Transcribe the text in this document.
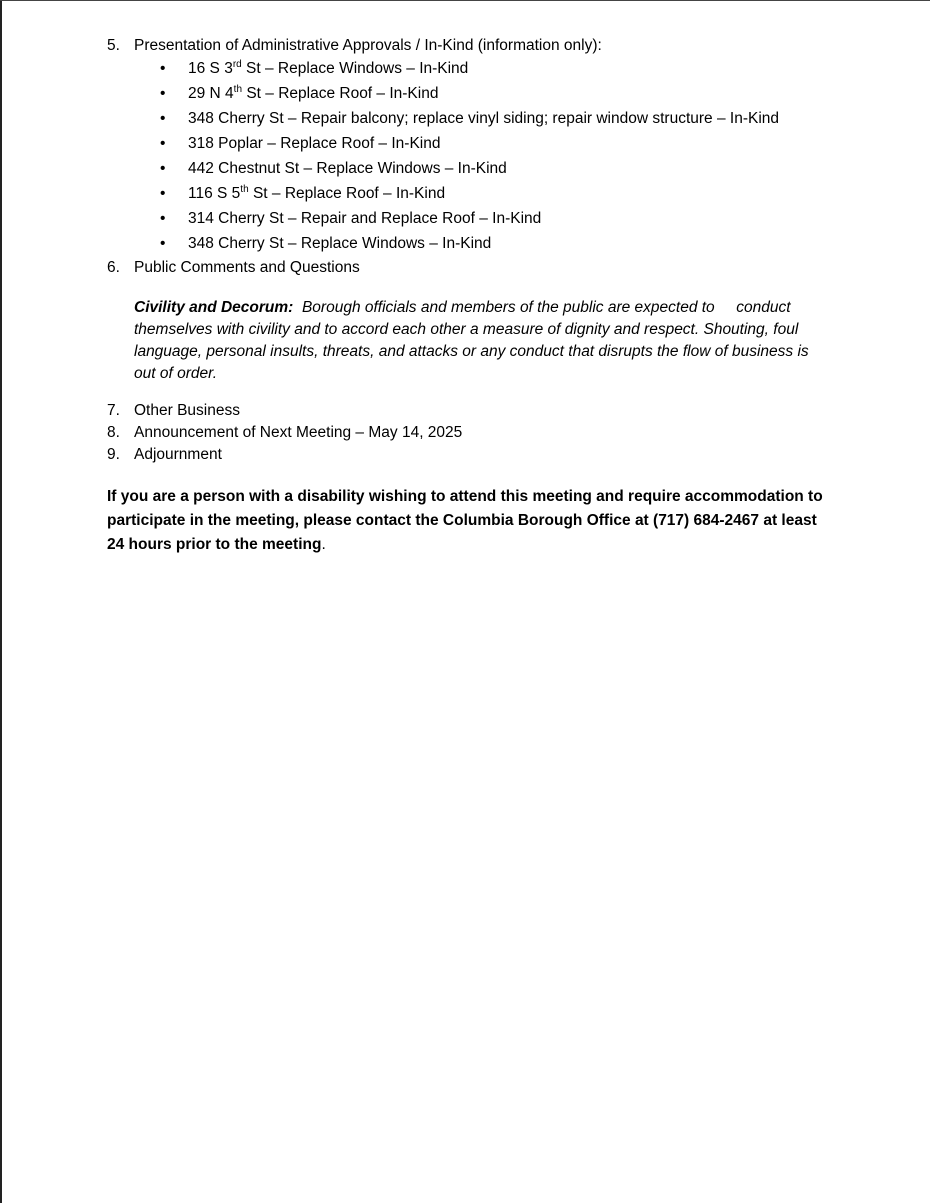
5. Presentation of Administrative Approvals / In-Kind (information only):
• 16 S 3rd St – Replace Windows – In-Kind
• 29 N 4th St – Replace Roof – In-Kind
• 348 Cherry St – Repair balcony; replace vinyl siding; repair window structure – In-Kind
• 318 Poplar – Replace Roof – In-Kind
• 442 Chestnut St – Replace Windows – In-Kind
• 116 S 5th St – Replace Roof – In-Kind
• 314 Cherry St – Repair and Replace Roof – In-Kind
• 348 Cherry St – Replace Windows – In-Kind
6. Public Comments and Questions
Civility and Decorum: Borough officials and members of the public are expected to     conduct
themselves with civility and to accord each other a measure of dignity and respect. Shouting, foul
language, personal insults, threats, and attacks or any conduct that disrupts the flow of business is
out of order.
7. Other Business
8. Announcement of Next Meeting – May 14, 2025
9. Adjournment
If you are a person with a disability wishing to attend this meeting and require accommodation to
participate in the meeting, please contact the Columbia Borough Office at (717) 684-2467 at least
24 hours prior to the meeting.
